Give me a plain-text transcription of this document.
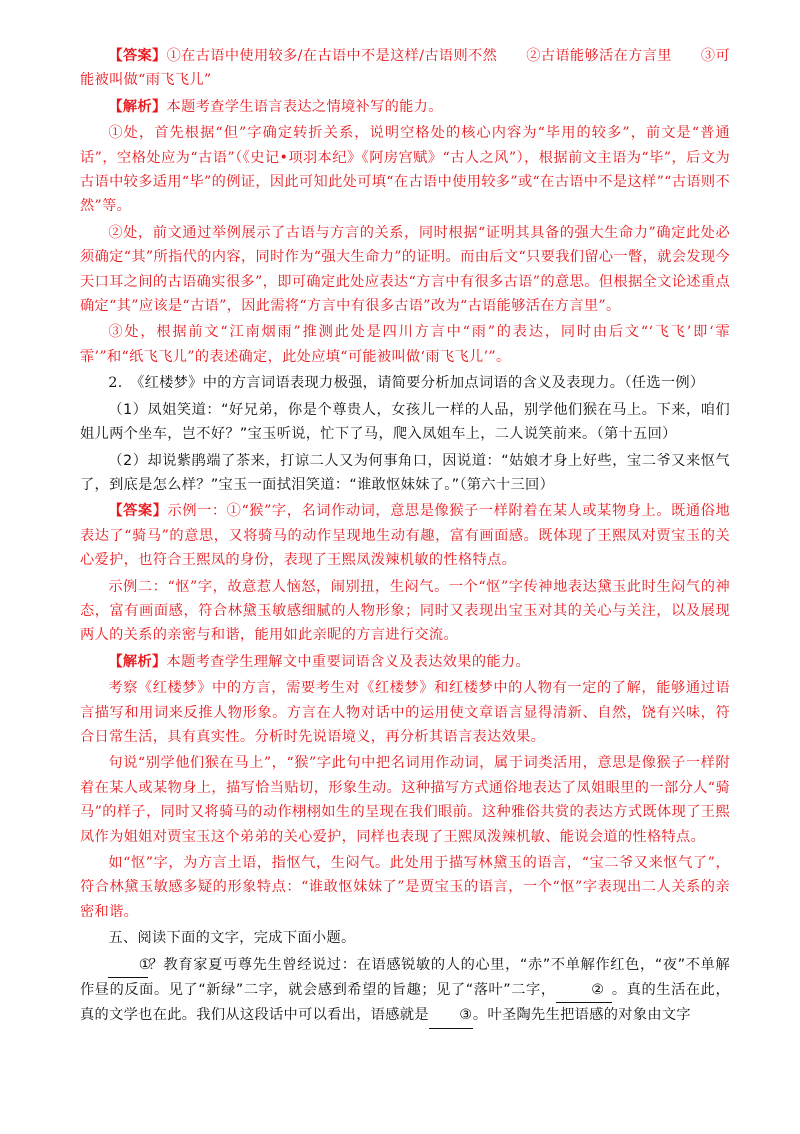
【答案】①在古语中使用较多/在古语中不是这样/古语则不然　　②古语能够活在方言里　　③可能被叫做“雨飞飞儿”

【解析】本题考查学生语言表达之情境补写的能力。

①处，首先根据“但”字确定转折关系，说明空格处的核心内容为“毕用的较多”，前文是“普通话”，空格处应为“古语”（《史记•项羽本纪》《阿房宫赋》“古人之风”），根据前文主语为“毕”，后文为古语中较多适用“毕”的例证，因此可知此处可填“在古语中使用较多”或“在古语中不是这样”“古语则不然”等。

②处，前文通过举例展示了古语与方言的关系，同时根据“证明其具备的强大生命力”确定此处必须确定“其”所指代的内容，同时作为“强大生命力”的证明。而由后文“只要我们留心一瞥，就会发现今天口耳之间的古语确实很多”，即可确定此处应表达“方言中有很多古语”的意思。但根据全文论述重点确定“其”应该是“古语”，因此需将“方言中有很多古语”改为“古语能够活在方言里”。

③处，根据前文“江南烟雨”推测此处是四川方言中“雨”的表达，同时由后文“‘飞飞’即‘霏霏’”和“纸飞飞儿”的表述确定，此处应填“可能被叫做‘雨飞飞儿’”。

2.　《红楼梦》中的方言词语表现力极强，请简要分析加点词语的含义及表现力。（任选一例）

（1）凤姐笑道：“好兄弟，你是个尊贵人，女孩儿一样的人品，别学他们猴在马上。下来，咱们姐儿两个坐车，岂不好？”宝玉听说，忙下了马，爬入凤姐车上，二人说笑前来。（第十五回）

（2）却说紫鹃端了茶来，打谅二人又为何事角口，因说道：“姑娘才身上好些，宝二爷又来怄气了，到底是怎么样？”宝玉一面拭泪笑道：“谁敢怄妹妹了。”（第六十三回）

【答案】示例一：①“猴”字，名词作动词，意思是像猴子一样附着在某人或某物身上。既通俗地表达了“骑马”的意思，又将骑马的动作呈现地生动有趣，富有画面感。既体现了王熙凤对贾宝玉的关心爱护，也符合王熙凤的身份，表现了王熙凤泼辣机敏的性格特点。

示例二：“怄”字，故意惹人恼怒，闹别扭，生闷气。一个“怄”字传神地表达黛玉此时生闷气的神态，富有画面感，符合林黛玉敏感细腻的人物形象；同时又表现出宝玉对其的关心与关注，以及展现两人的关系的亲密与和谐，能用如此亲昵的方言进行交流。

【解析】本题考查学生理解文中重要词语含义及表达效果的能力。

考察《红楼梦》中的方言，需要考生对《红楼梦》和红楼梦中的人物有一定的了解，能够通过语言描写和用词来反推人物形象。方言在人物对话中的运用使文章语言显得清新、自然，饶有兴味，符合日常生活，具有真实性。分析时先说语境义，再分析其语言表达效果。

句说“别学他们猴在马上”，“猴”字此句中把名词用作动词，属于词类活用，意思是像猴子一样附着在某人或某物身上，描写恰当贴切，形象生动。这种描写方式通俗地表达了凤姐眼里的一部分人“骑马”的样子，同时又将骑马的动作栩栩如生的呈现在我们眼前。这种雅俗共赏的表达方式既体现了王熙凤作为姐姐对贾宝玉这个弟弟的关心爱护，同样也表现了王熙凤泼辣机敏、能说会道的性格特点。

如“怄”字，为方言土语，指怄气，生闷气。此处用于描写林黛玉的语言，“宝二爷又来怄气了”，符合林黛玉敏感多疑的形象特点：“谁敢怄妹妹了”是贾宝玉的语言，一个“怄”字表现出二人关系的亲密和谐。

五、阅读下面的文字，完成下面小题。

①？教育家夏丏尊先生曾经说过：在语感锐敏的人的心里，“赤”不单解作红色，“夜”不单解作昼的反面。见了“新绿”二字，就会感到希望的旨趣；见了“落叶”二字，	② 。真的生活在此，真的文学也在此。我们从这段话中可以看出，语感就是 ③。叶圣陶先生把语感的对象由文字
